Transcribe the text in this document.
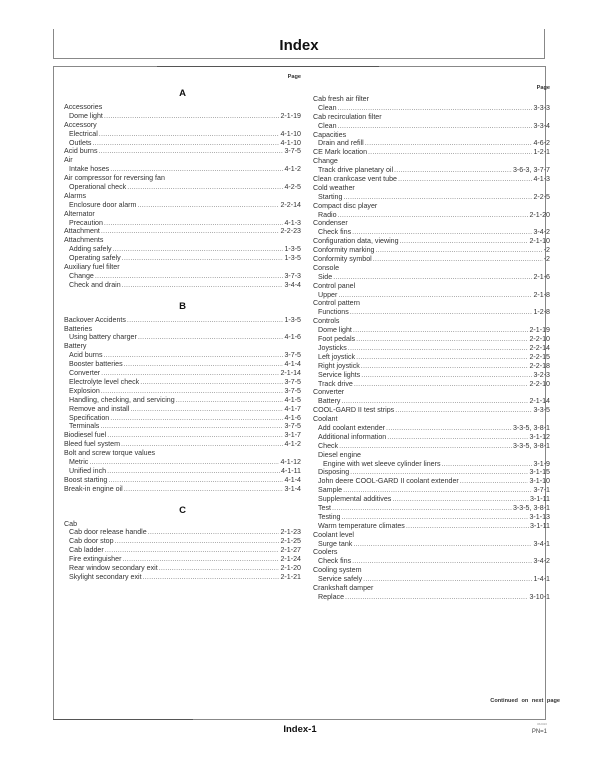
Index
Page
A
Accessories
Dome light .....	2-1-19
Accessory
Electrical .....	4-1-10
Outlets .....	4-1-10
Acid burns .....	3-7-5
Air
Intake hoses .....	4-1-2
Air compressor for reversing fan
Operational check .....	4-2-5
Alarms
Enclosure door alarm .....	2-2-14
Alternator
Precaution .....	4-1-3
Attachment .....	2-2-23
Attachments
Adding safely .....	1-3-5
Operating safely .....	1-3-5
Auxiliary fuel filter
Change .....	3-7-3
Check and drain .....	3-4-4
B
Backover Accidents .....	1-3-5
Batteries
Using battery charger .....	4-1-6
Battery
Acid burns .....	3-7-5
Booster batteries .....	4-1-4
Converter .....	2-1-14
Electrolyte level check .....	3-7-5
Explosion .....	3-7-5
Handling, checking, and servicing .....	4-1-5
Remove and install .....	4-1-7
Specification .....	4-1-6
Terminals .....	3-7-5
Biodiesel fuel .....	3-1-7
Bleed fuel system .....	4-1-2
Bolt and screw torque values
Metric .....	4-1-12
Unified inch .....	4-1-11
Boost starting .....	4-1-4
Break-in engine oil .....	3-1-4
C
Cab
Cab door release handle .....	2-1-23
Cab door stop .....	2-1-25
Cab ladder .....	2-1-27
Fire extinguisher .....	2-1-24
Rear window secondary exit .....	2-1-20
Skylight secondary exit .....	2-1-21
Page
Cab fresh air filter
Clean .....	3-3-3
Cab recirculation filter
Clean .....	3-3-4
Capacities
Drain and refill .....	4-6-2
CE Mark location .....	1-2-1
Change
Track drive planetary oil .....	3-6-3, 3-7-7
Clean crankcase vent tube .....	4-1-3
Cold weather
Starting .....	2-2-5
Compact disc player
Radio .....	2-1-20
Condenser
Check fins .....	3-4-2
Configuration data, viewing .....	2-1-10
Conformity marking .....	-2
Conformity symbol .....	-2
Console
Side .....	2-1-6
Control panel
Upper .....	2-1-8
Control pattern
Functions .....	1-2-8
Controls
Dome light .....	2-1-19
Foot pedals .....	2-2-10
Joysticks .....	2-2-14
Left joystick .....	2-2-15
Right joystick .....	2-2-18
Service lights .....	3-2-3
Track drive .....	2-2-10
Converter
Battery .....	2-1-14
COOL-GARD II test strips .....	3-3-5
Coolant
Add coolant extender .....	3-3-5, 3-8-1
Additional information .....	3-1-12
Check .....	3-3-5, 3-8-1
Diesel engine
Engine with wet sleeve cylinder liners .....	3-1-9
Disposing .....	3-1-15
John deere COOL-GARD II coolant extender .....	3-1-10
Sample .....	3-7-1
Supplemental additives .....	3-1-11
Test .....	3-3-5, 3-8-1
Testing .....	3-1-13
Warm temperature climates .....	3-1-11
Coolant level
Surge tank .....	3-4-1
Coolers
Check fins .....	3-4-2
Cooling system
Service safely .....	1-4-1
Crankshaft damper
Replace .....	3-10-1
Continued on next page
Index-1	062020
PN=1
